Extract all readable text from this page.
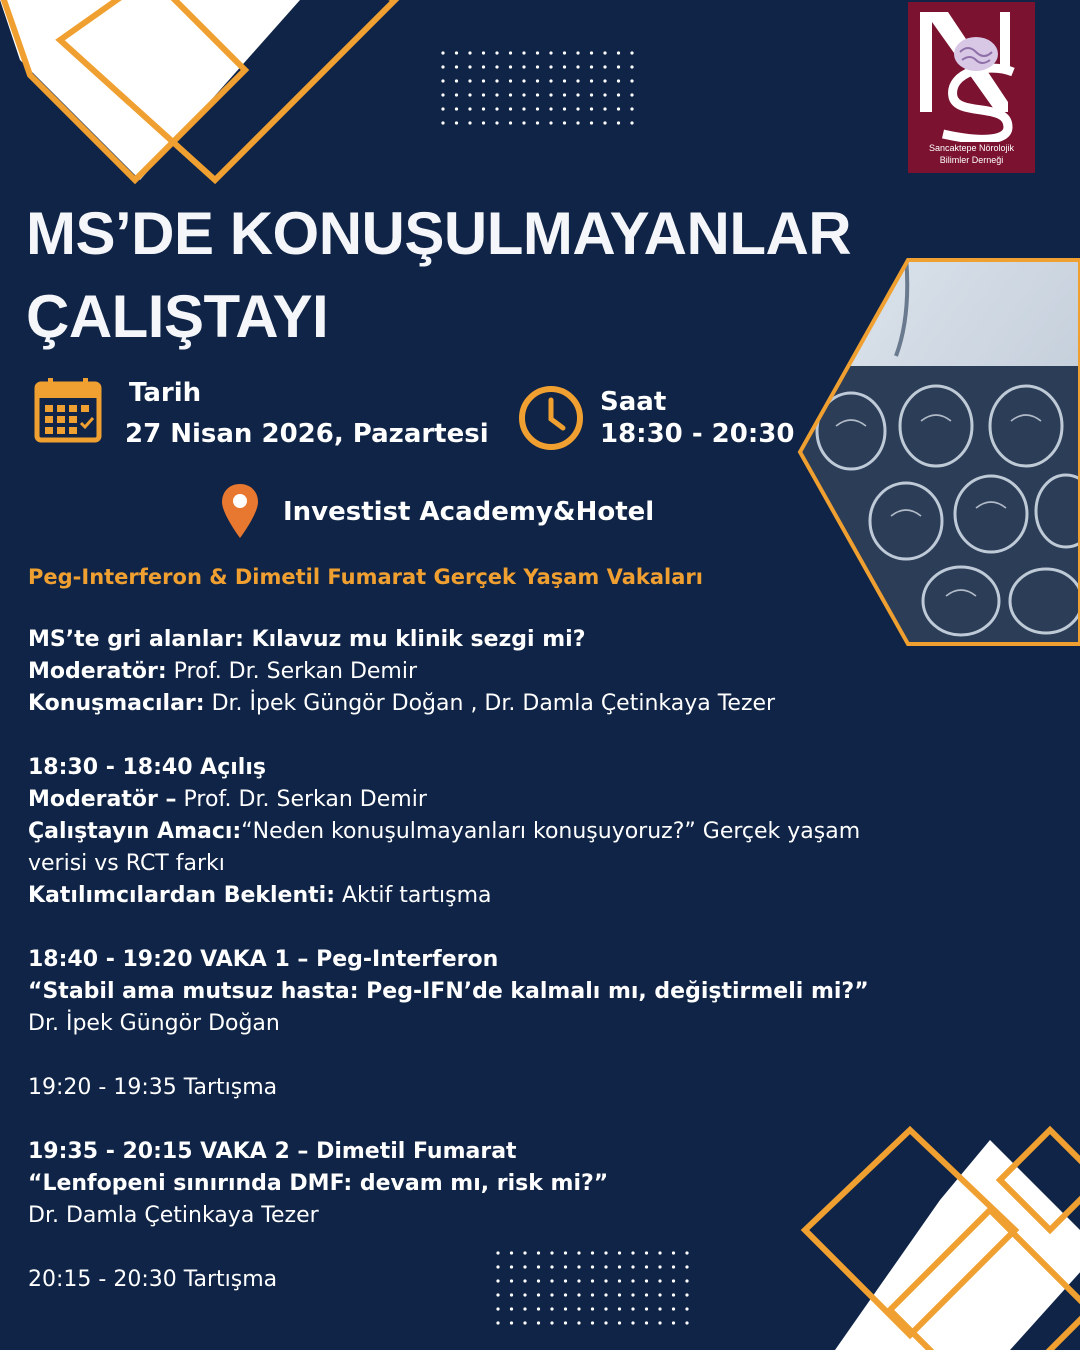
Sancaktepe Nörolojik
Bilimler Derneği
MS’DE KONUŞULMAYANLAR
ÇALIŞTAYI
Tarih
27 Nisan 2026, Pazartesi
Saat
18:30 - 20:30
Investist Academy&Hotel
Peg-Interferon & Dimetil Fumarat Gerçek Yaşam Vakaları

MS’te gri alanlar: Kılavuz mu klinik sezgi mi?

Moderatör: Prof. Dr. Serkan Demir

Konuşmacılar: Dr. İpek Güngör Doğan , Dr. Damla Çetinkaya Tezer

18:30 - 18:40 Açılış

Moderatör – Prof. Dr. Serkan Demir

Çalıştayın Amacı:“Neden konuşulmayanları konuşuyoruz?” Gerçek yaşam

verisi vs RCT farkı

Katılımcılardan Beklenti: Aktif tartışma

18:40 - 19:20 VAKA 1 – Peg-Interferon

“Stabil ama mutsuz hasta: Peg-IFN’de kalmalı mı, değiştirmeli mi?”

Dr. İpek Güngör Doğan

19:20 - 19:35 Tartışma

19:35 - 20:15 VAKA 2 – Dimetil Fumarat

“Lenfopeni sınırında DMF: devam mı, risk mi?”

Dr. Damla Çetinkaya Tezer

20:15 - 20:30 Tartışma
